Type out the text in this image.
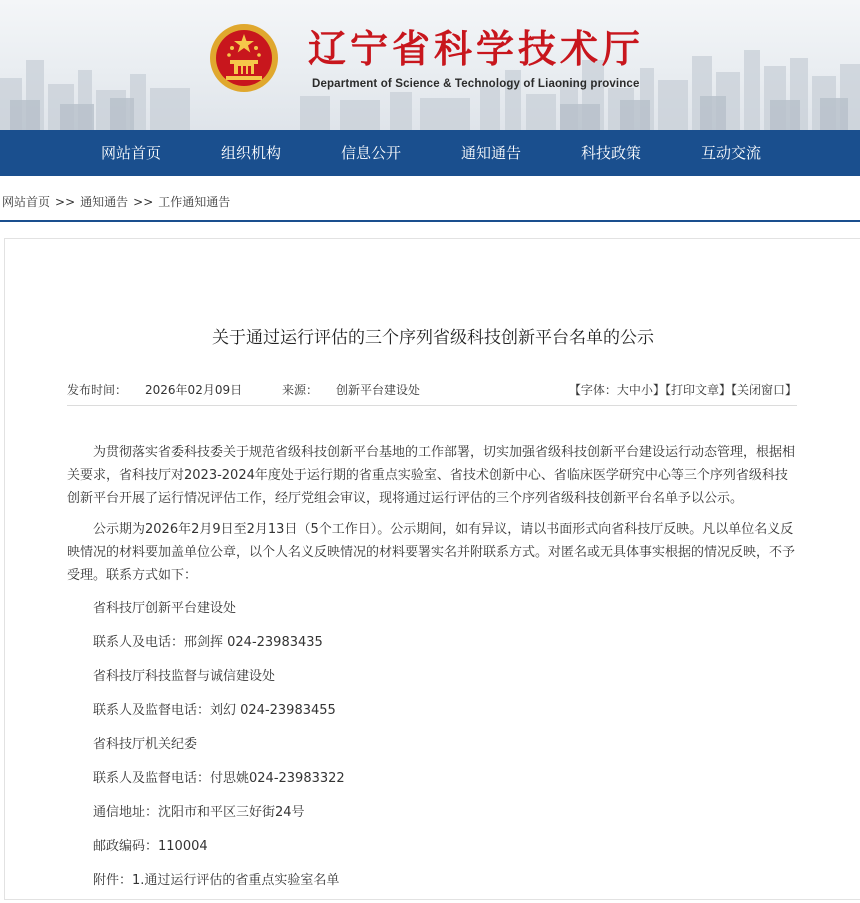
辽宁省科学技术厅
Department of Science & Technology of Liaoning province
网站首页	组织机构	信息公开	通知通告	科技政策	互动交流
网站首页 >> 通知通告 >> 工作通知通告
关于通过运行评估的三个序列省级科技创新平台名单的公示
发布时间： 2026年02月09日	来源： 创新平台建设处	【字体：大中小】【打印文章】【关闭窗口】

为贯彻落实省委科技委关于规范省级科技创新平台基地的工作部署，切实加强省级科技创新平台建设运行动态管理，根据相关要求，省科技厅对2023-2024年度处于运行期的省重点实验室、省技术创新中心、省临床医学研究中心等三个序列省级科技创新平台开展了运行情况评估工作，经厅党组会审议，现将通过运行评估的三个序列省级科技创新平台名单予以公示。

公示期为2026年2月9日至2月13日（5个工作日）。公示期间，如有异议，请以书面形式向省科技厅反映。凡以单位名义反映情况的材料要加盖单位公章，以个人名义反映情况的材料要署实名并附联系方式。对匿名或无具体事实根据的情况反映，不予受理。联系方式如下：

省科技厅创新平台建设处

联系人及电话：邢剑挥 024-23983435

省科技厅科技监督与诚信建设处

联系人及监督电话：刘幻 024-23983455

省科技厅机关纪委

联系人及监督电话：付思姚024-23983322

通信地址：沈阳市和平区三好街24号

邮政编码：110004

附件：1.通过运行评估的省重点实验室名单
